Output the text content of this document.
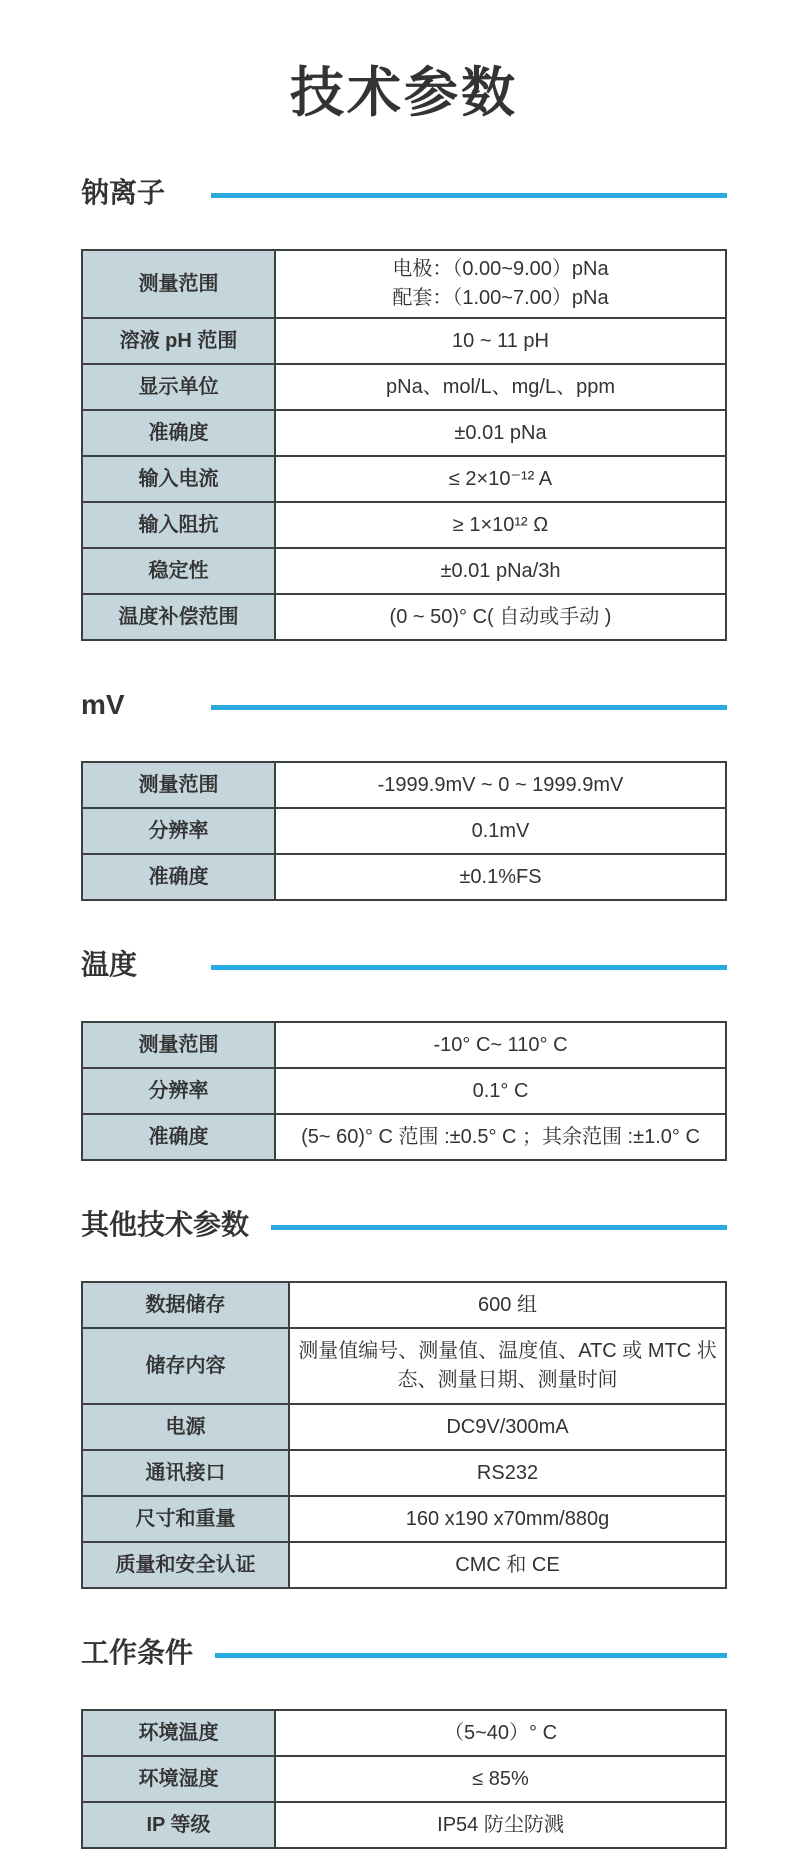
技术参数
钠离子
测量范围	电极：（0.00~9.00）pNa
配套：（1.00~7.00）pNa

溶液 pH 范围	10 ~ 11 pH
显示单位	pNa、mol/L、mg/L、ppm
准确度	±0.01 pNa
输入电流	≤ 2×10⁻¹² A
输入阻抗	≥ 1×10¹² Ω
稳定性	±0.01 pNa/3h
温度补偿范围	(0 ~ 50)° C( 自动或手动 )
mV
测量范围	-1999.9mV ~ 0 ~ 1999.9mV
分辨率	0.1mV
准确度	±0.1%FS
温度
测量范围	-10° C~ 110° C
分辨率	0.1° C
准确度	(5~ 60)° C 范围 :±0.5° C ；其余范围 :±1.0° C
其他技术参数
数据储存	600 组
储存内容	测量值编号、测量值、温度值、ATC 或 MTC 状态、测量日期、测量时间
电源	DC9V/300mA
通讯接口	RS232
尺寸和重量	160 x190 x70mm/880g
质量和安全认证	CMC 和 CE
工作条件
环境温度	（5~40）° C
环境湿度	≤ 85%
IP 等级	IP54 防尘防溅
